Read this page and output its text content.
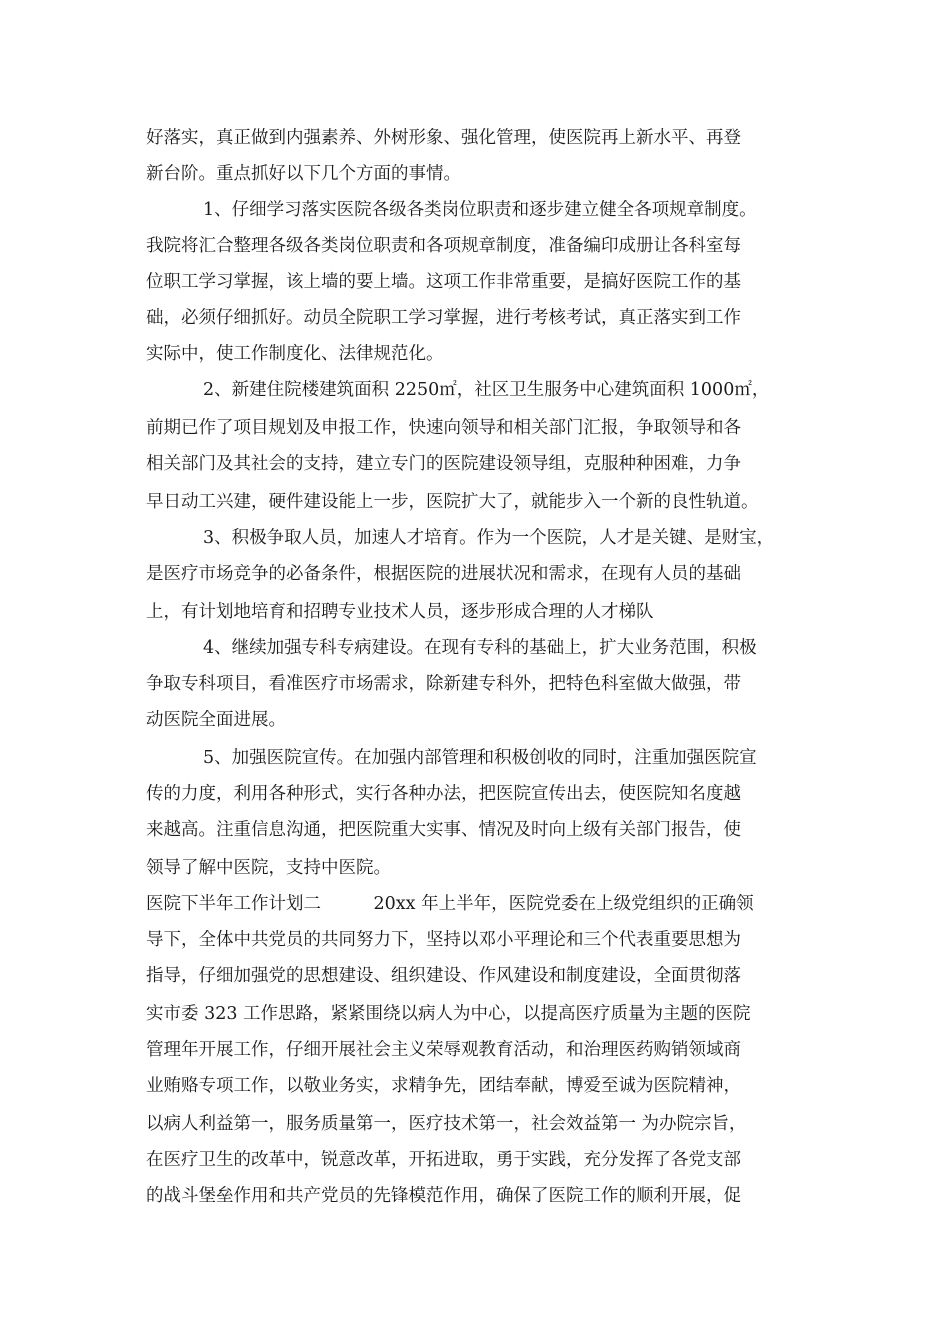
好落实，真正做到内强素养、外树形象、强化管理，使医院再上新水平、再登
新台阶。重点抓好以下几个方面的事情。
1、仔细学习落实医院各级各类岗位职责和逐步建立健全各项规章制度。
我院将汇合整理各级各类岗位职责和各项规章制度，准备编印成册让各科室每
位职工学习掌握，该上墙的要上墙。这项工作非常重要，是搞好医院工作的基
础，必须仔细抓好。动员全院职工学习掌握，进行考核考试，真正落实到工作
实际中，使工作制度化、法律规范化。
2、新建住院楼建筑面积 2250㎡，社区卫生服务中心建筑面积 1000㎡，
前期已作了项目规划及申报工作，快速向领导和相关部门汇报，争取领导和各
相关部门及其社会的支持，建立专门的医院建设领导组，克服种种困难，力争
早日动工兴建，硬件建设能上一步，医院扩大了，就能步入一个新的良性轨道。
3、积极争取人员，加速人才培育。作为一个医院，人才是关键、是财宝，
是医疗市场竞争的必备条件，根据医院的进展状况和需求，在现有人员的基础
上，有计划地培育和招聘专业技术人员，逐步形成合理的人才梯队
4、继续加强专科专病建设。在现有专科的基础上，扩大业务范围，积极
争取专科项目，看准医疗市场需求，除新建专科外，把特色科室做大做强，带
动医院全面进展。
5、加强医院宣传。在加强内部管理和积极创收的同时，注重加强医院宣
传的力度，利用各种形式，实行各种办法，把医院宣传出去，使医院知名度越
来越高。注重信息沟通，把医院重大实事、情况及时向上级有关部门报告，使
领导了解中医院，支持中医院。
医院下半年工作计划二　　　20xx 年上半年，医院党委在上级党组织的正确领
导下，全体中共党员的共同努力下，坚持以邓小平理论和三个代表重要思想为
指导，仔细加强党的思想建设、组织建设、作风建设和制度建设，全面贯彻落
实市委 323 工作思路，紧紧围绕以病人为中心，以提高医疗质量为主题的医院
管理年开展工作，仔细开展社会主义荣辱观教育活动，和治理医药购销领域商
业贿赂专项工作，以敬业务实，求精争先，团结奉献，博爱至诚为医院精神，
以病人利益第一，服务质量第一，医疗技术第一，社会效益第一 为办院宗旨，
在医疗卫生的改革中，锐意改革，开拓进取，勇于实践，充分发挥了各党支部
的战斗堡垒作用和共产党员的先锋模范作用，确保了医院工作的顺利开展，促
